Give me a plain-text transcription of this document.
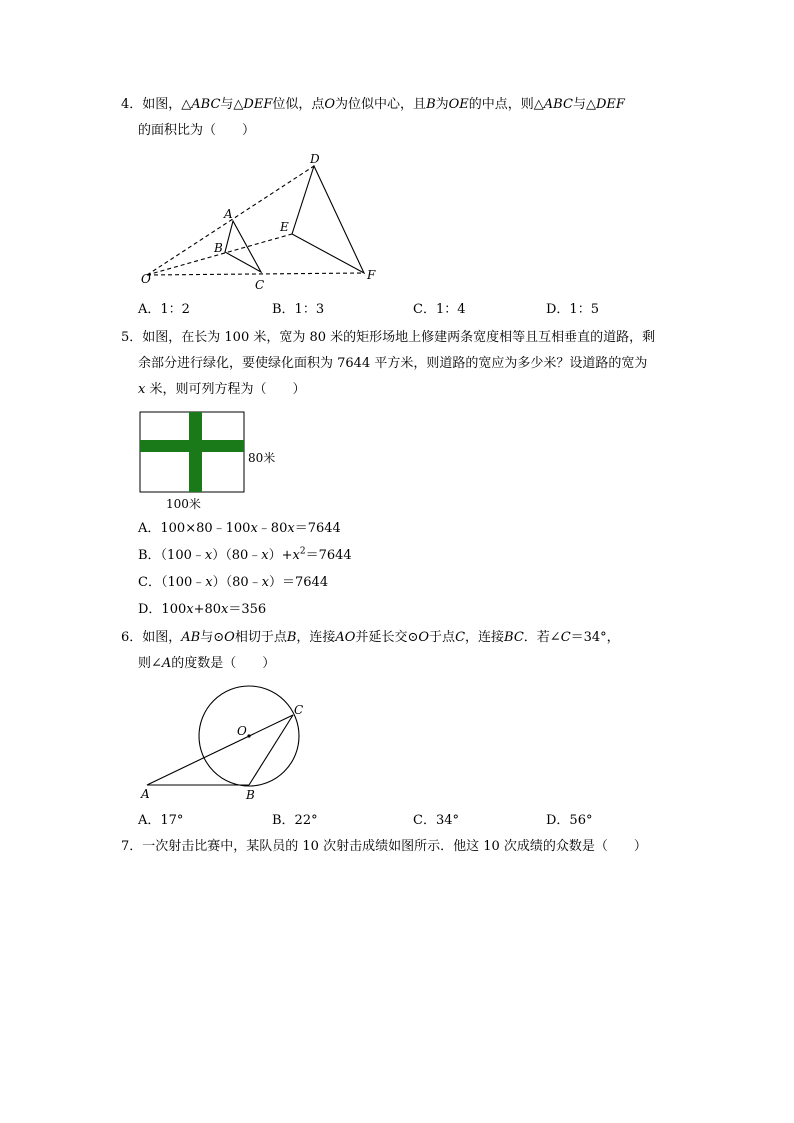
4．如图，△ABC与△DEF位似，点O为位似中心，且B为OE的中点，则△ABC与△DEF
的面积比为（　　）
D
A
E
B
O	C
F
A．1：2	B．1：3	C．1：4	D．1：5
5．如图，在长为 100 米，宽为 80 米的矩形场地上修建两条宽度相等且互相垂直的道路，剩
余部分进行绿化，要使绿化面积为 7644 平方米，则道路的宽应为多少米？设道路的宽为
x 米，则可列方程为（　　）
80米
100米
A．100×80﹣100x﹣80x＝7644
B．$(100﹣x)(80﹣x)+x^2=7644$
C．（100﹣x）（80﹣x）＝7644
D．100x+80x＝356
6．如图，AB与⊙O相切于点B，连接AO并延长交⊙O于点C，连接BC．若∠C＝34°，
则∠A的度数是（　　）
O
C
A	B
A．17°	B．22°	C．34°	D．56°
7．一次射击比赛中，某队员的 10 次射击成绩如图所示．他这 10 次成绩的众数是（　　）
